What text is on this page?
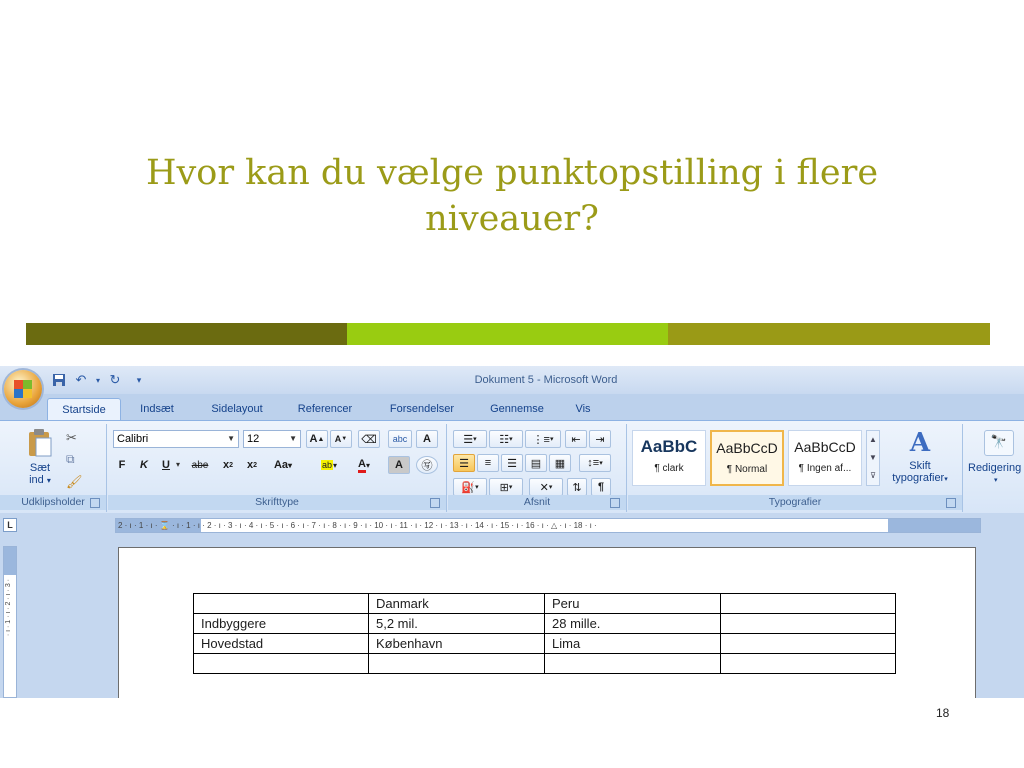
Hvor kan du vælge punktopstilling i flere
niveauer?
Dokument 5 - Microsoft Word
↶	▾ ↻	▾
Startside	Indsæt	Sidelayout	Referencer	Forsendelser	Gennemse	Vis
Sæt
ind ▾
✂
⧉
🖌
Udklipsholder
Calibri	▼	12	▼	A ▲	A ▼ ⌫	abc	A
F	K	U ▾	abe	x 2	x 2 Aa ▾	ab ▾ A ▾	A	㊢
Skrifttype
☰ ▾ ☷ ▾ ⋮≡ ▾	⇤	⇥
☰	≡	☰	▤	▦	↕≡ ▾
⛽ ▾ ⊞ ▾ ✕ ▾	⇅	¶
Afsnit
AaBbC
¶ clark
AaBbCcD
¶ Normal
AaBbCcD
¶ Ingen af...
▲
▼
⊽
A
Skift
typografier▾
Typografier
🔭
Redigering
▾
L	2 · ı · 1 · ı · ⌛ · ı · 1 · ı · 2 · ı · 3 · ı · 4 · ı · 5 · ı · 6 · ı · 7 · ı · 8 · ı · 9 · ı · 10 · ı · 11 · ı · 12 · ı · 13 · ı · 14 · ı · 15 · ı · 16 · ı · △ · ı · 18 · ı ·
· ı · 1 · ı · 2 · ı · 3 ·
		Danmark	Peru	
Indbyggere	5,2 mil.	28 mille.	
Hovedstad	København	Lima	

18
